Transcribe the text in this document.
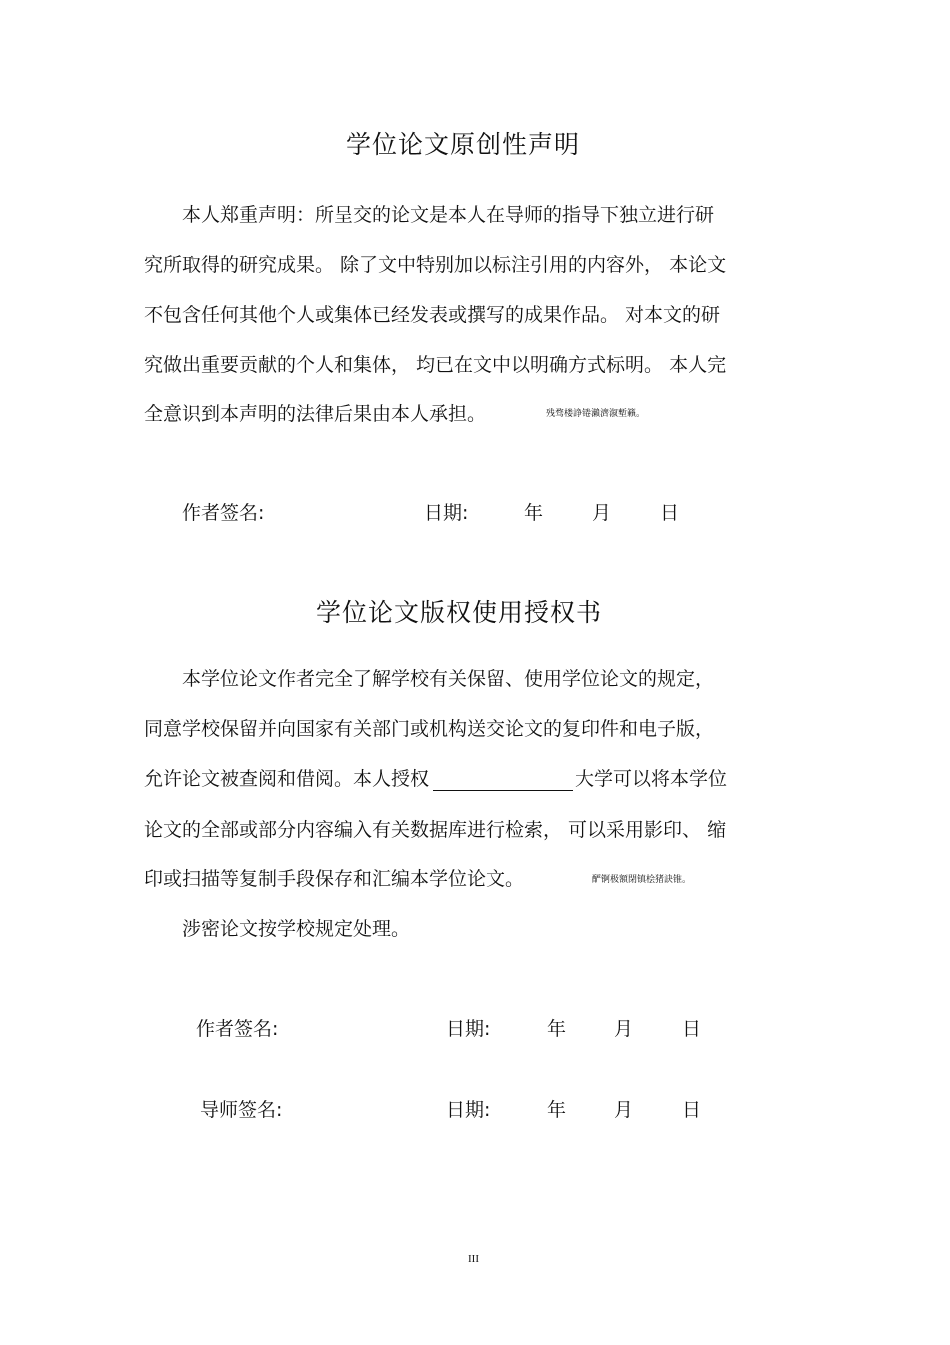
学位论文原创性声明
本人郑重声明：所呈交的论文是本人在导师的指导下独立进行研
究所取得的研究成果。 除了文中特别加以标注引用的内容外， 本论文
不包含任何其他个人或集体已经发表或撰写的成果作品。 对本文的研
究做出重要贡献的个人和集体， 均已在文中以明确方式标明。 本人完
全意识到本声明的法律后果由本人承担。	残骛楼諍锩瀨濟溆塹籟。
作者签名:	日期:	年	月	日
学位论文版权使用授权书
本学位论文作者完全了解学校有关保留、使用学位论文的规定，
同意学校保留并向国家有关部门或机构送交论文的复印件和电子版，
允许论文被查阅和借阅。本人授权	大学可以将本学位
论文的全部或部分内容编入有关数据库进行检索， 可以采用影印、 缩
印或扫描等复制手段保存和汇编本学位论文。	酽锕极額閉镇桧猪訣锥。
涉密论文按学校规定处理。
作者签名:	日期:	年	月	日
导师签名:	日期:	年	月	日
III
